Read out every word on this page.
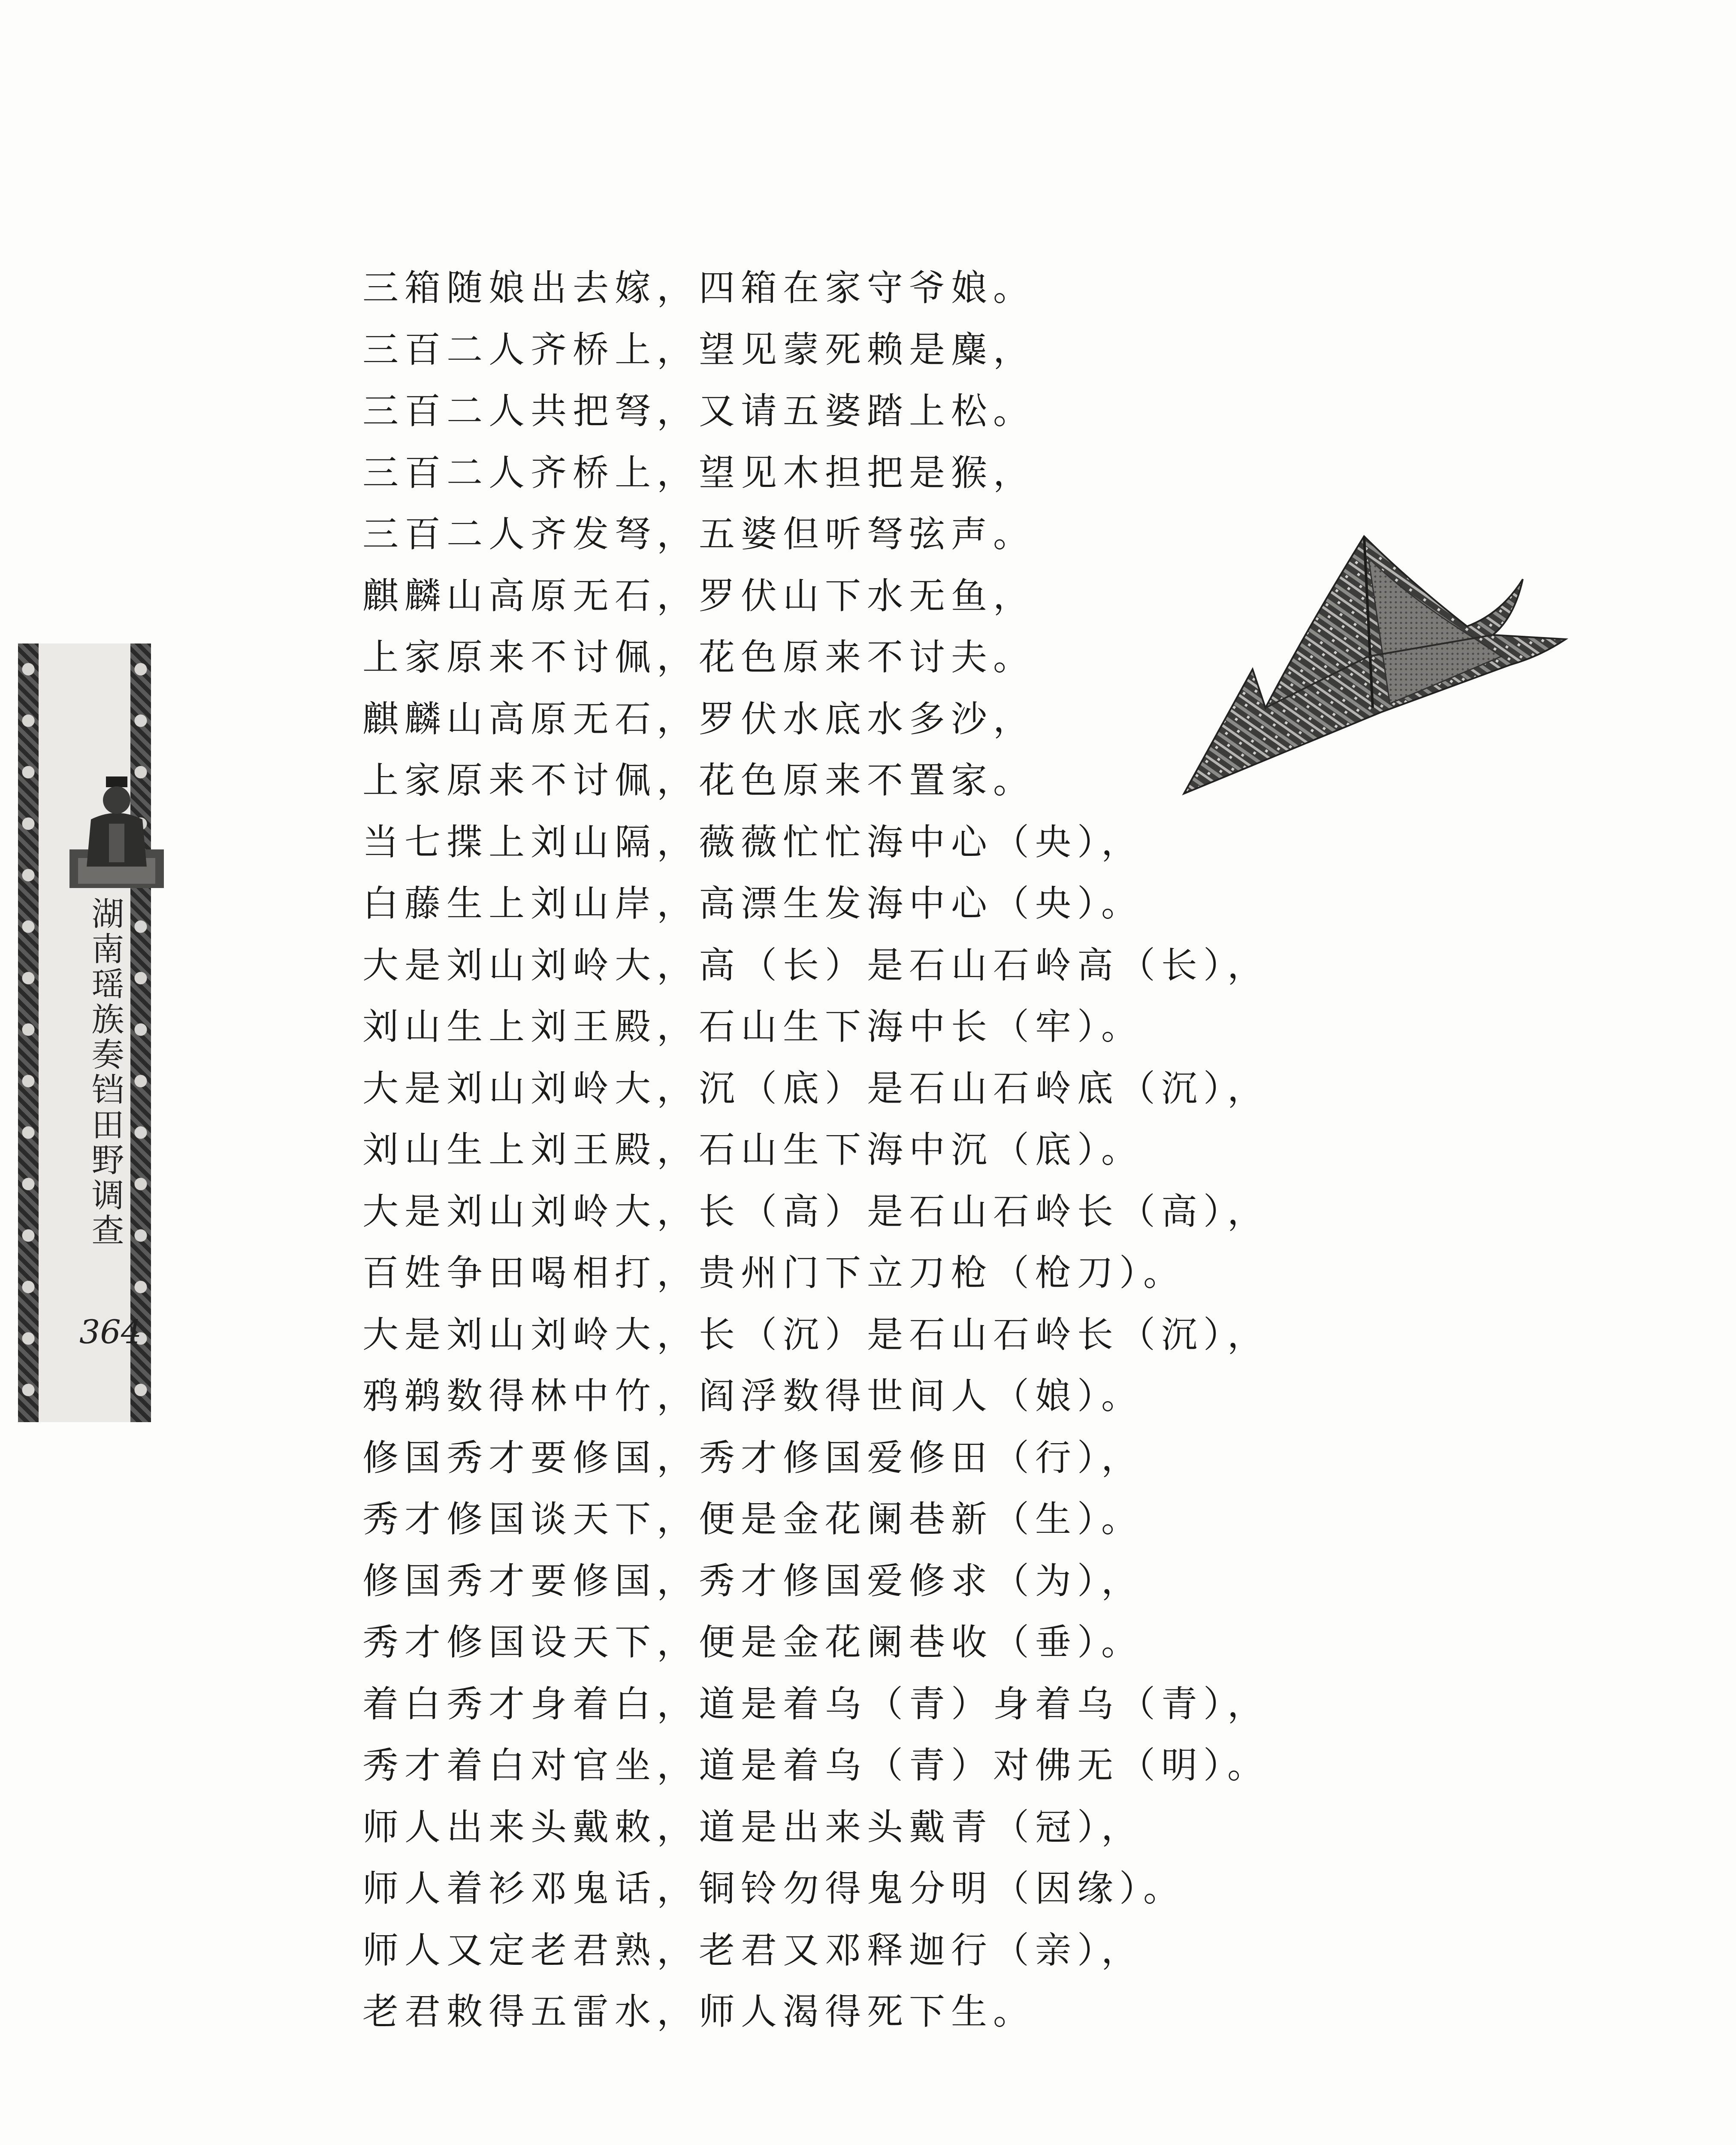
湖南瑶族奏铛田野调查
364
三箱随娘出去嫁，四箱在家守爷娘。
三百二人齐桥上，望见蒙死赖是麋，
三百二人共把弩，又请五婆踏上松。
三百二人齐桥上，望见木担把是猴，
三百二人齐发弩，五婆但听弩弦声。
麒麟山高原无石，罗伏山下水无鱼，
上家原来不讨佩，花色原来不讨夫。
麒麟山高原无石，罗伏水底水多沙，
上家原来不讨佩，花色原来不置家。
当七揲上刘山隔，薇薇忙忙海中心（央），
白藤生上刘山岸，高漂生发海中心（央）。
大是刘山刘岭大，高（长）是石山石岭高（长），
刘山生上刘王殿，石山生下海中长（牢）。
大是刘山刘岭大，沉（底）是石山石岭底（沉），
刘山生上刘王殿，石山生下海中沉（底）。
大是刘山刘岭大，长（高）是石山石岭长（高），
百姓争田喝相打，贵州门下立刀枪（枪刀）。
大是刘山刘岭大，长（沉）是石山石岭长（沉），
鸦鹈数得林中竹，阎浮数得世间人（娘）。
修国秀才要修国，秀才修国爱修田（行），
秀才修国谈天下，便是金花阑巷新（生）。
修国秀才要修国，秀才修国爱修求（为），
秀才修国设天下，便是金花阑巷收（垂）。
着白秀才身着白，道是着乌（青）身着乌（青），
秀才着白对官坐，道是着乌（青）对佛无（明）。
师人出来头戴敕，道是出来头戴青（冠），
师人着衫邓鬼话，铜铃勿得鬼分明（因缘）。
师人又定老君熟，老君又邓释迦行（亲），
老君敕得五雷水，师人渴得死下生。
